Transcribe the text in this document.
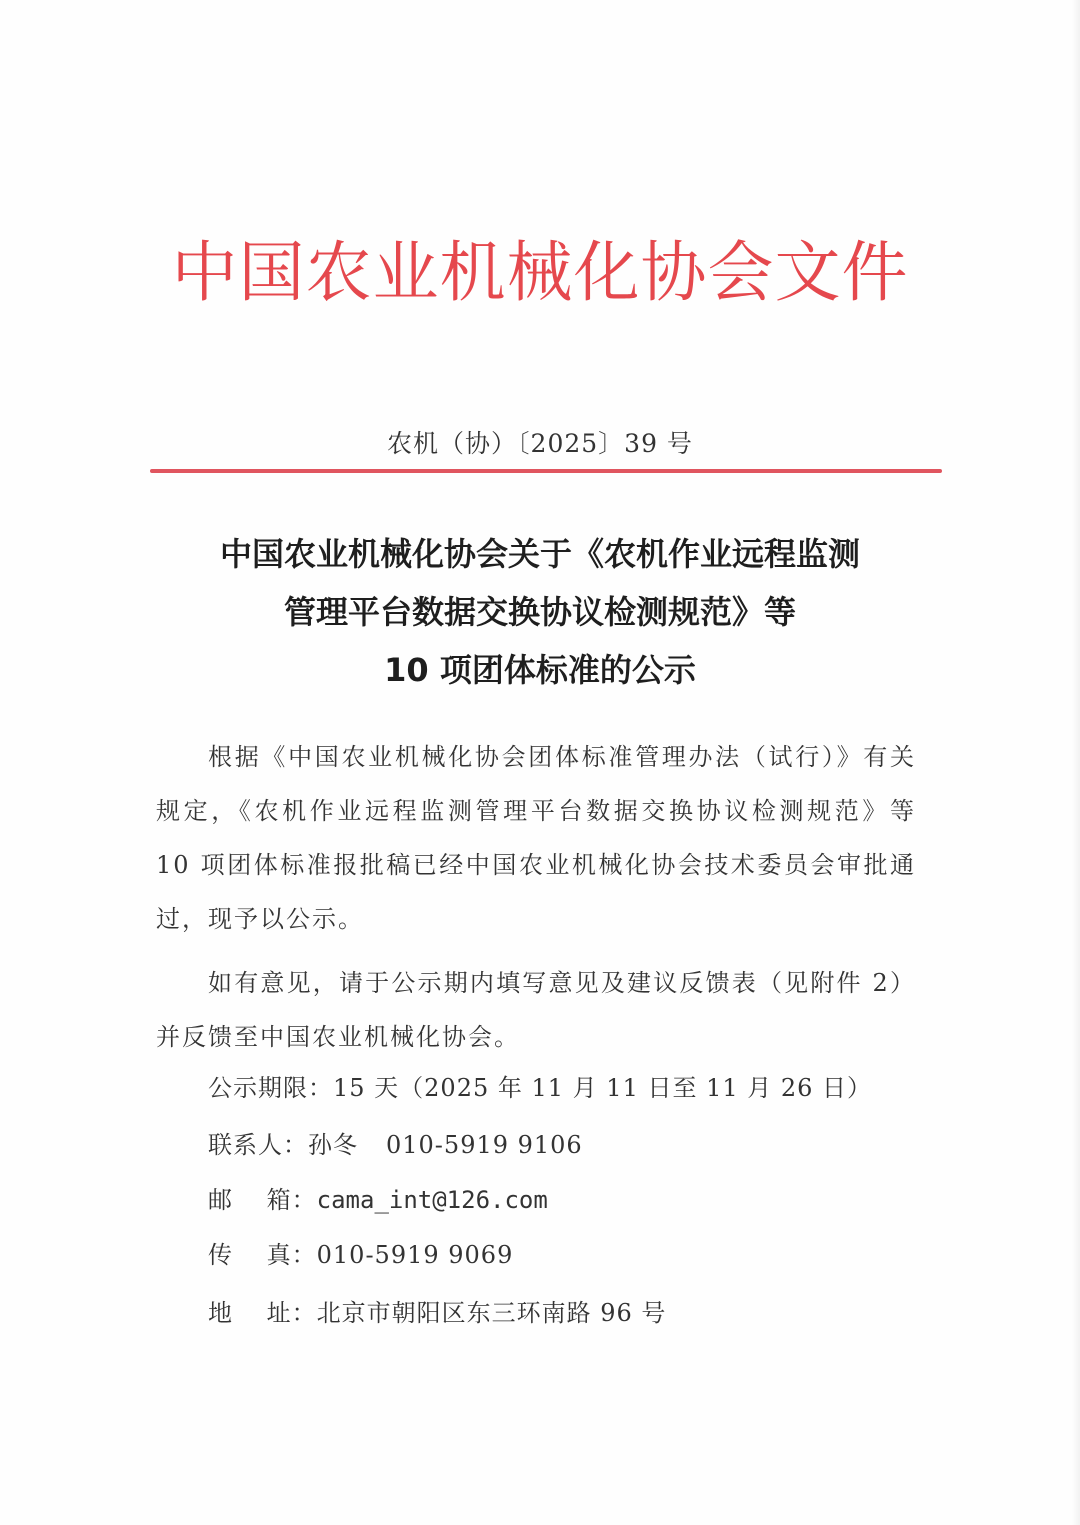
中国农业机械化协会文件
农机（协）〔2025〕39 号
中国农业机械化协会关于《农机作业远程监测
管理平台数据交换协议检测规范》等
10 项团体标准的公示

根据《中国农业机械化协会团体标准管理办法（试行）》有关规定，《农机作业远程监测管理平台数据交换协议检测规范》等 10 项团体标准报批稿已经中国农业机械化协会技术委员会审批通过，现予以公示。

如有意见，请于公示期内填写意见及建议反馈表（见附件 2）并反馈至中国农业机械化协会。

公示期限：15 天（2025 年 11 月 11 日至 11 月 26 日）
联系人：孙冬 010-5919 9106
邮　 箱：cama_int@126.com
传　 真：010-5919 9069
地　 址：北京市朝阳区东三环南路 96 号
